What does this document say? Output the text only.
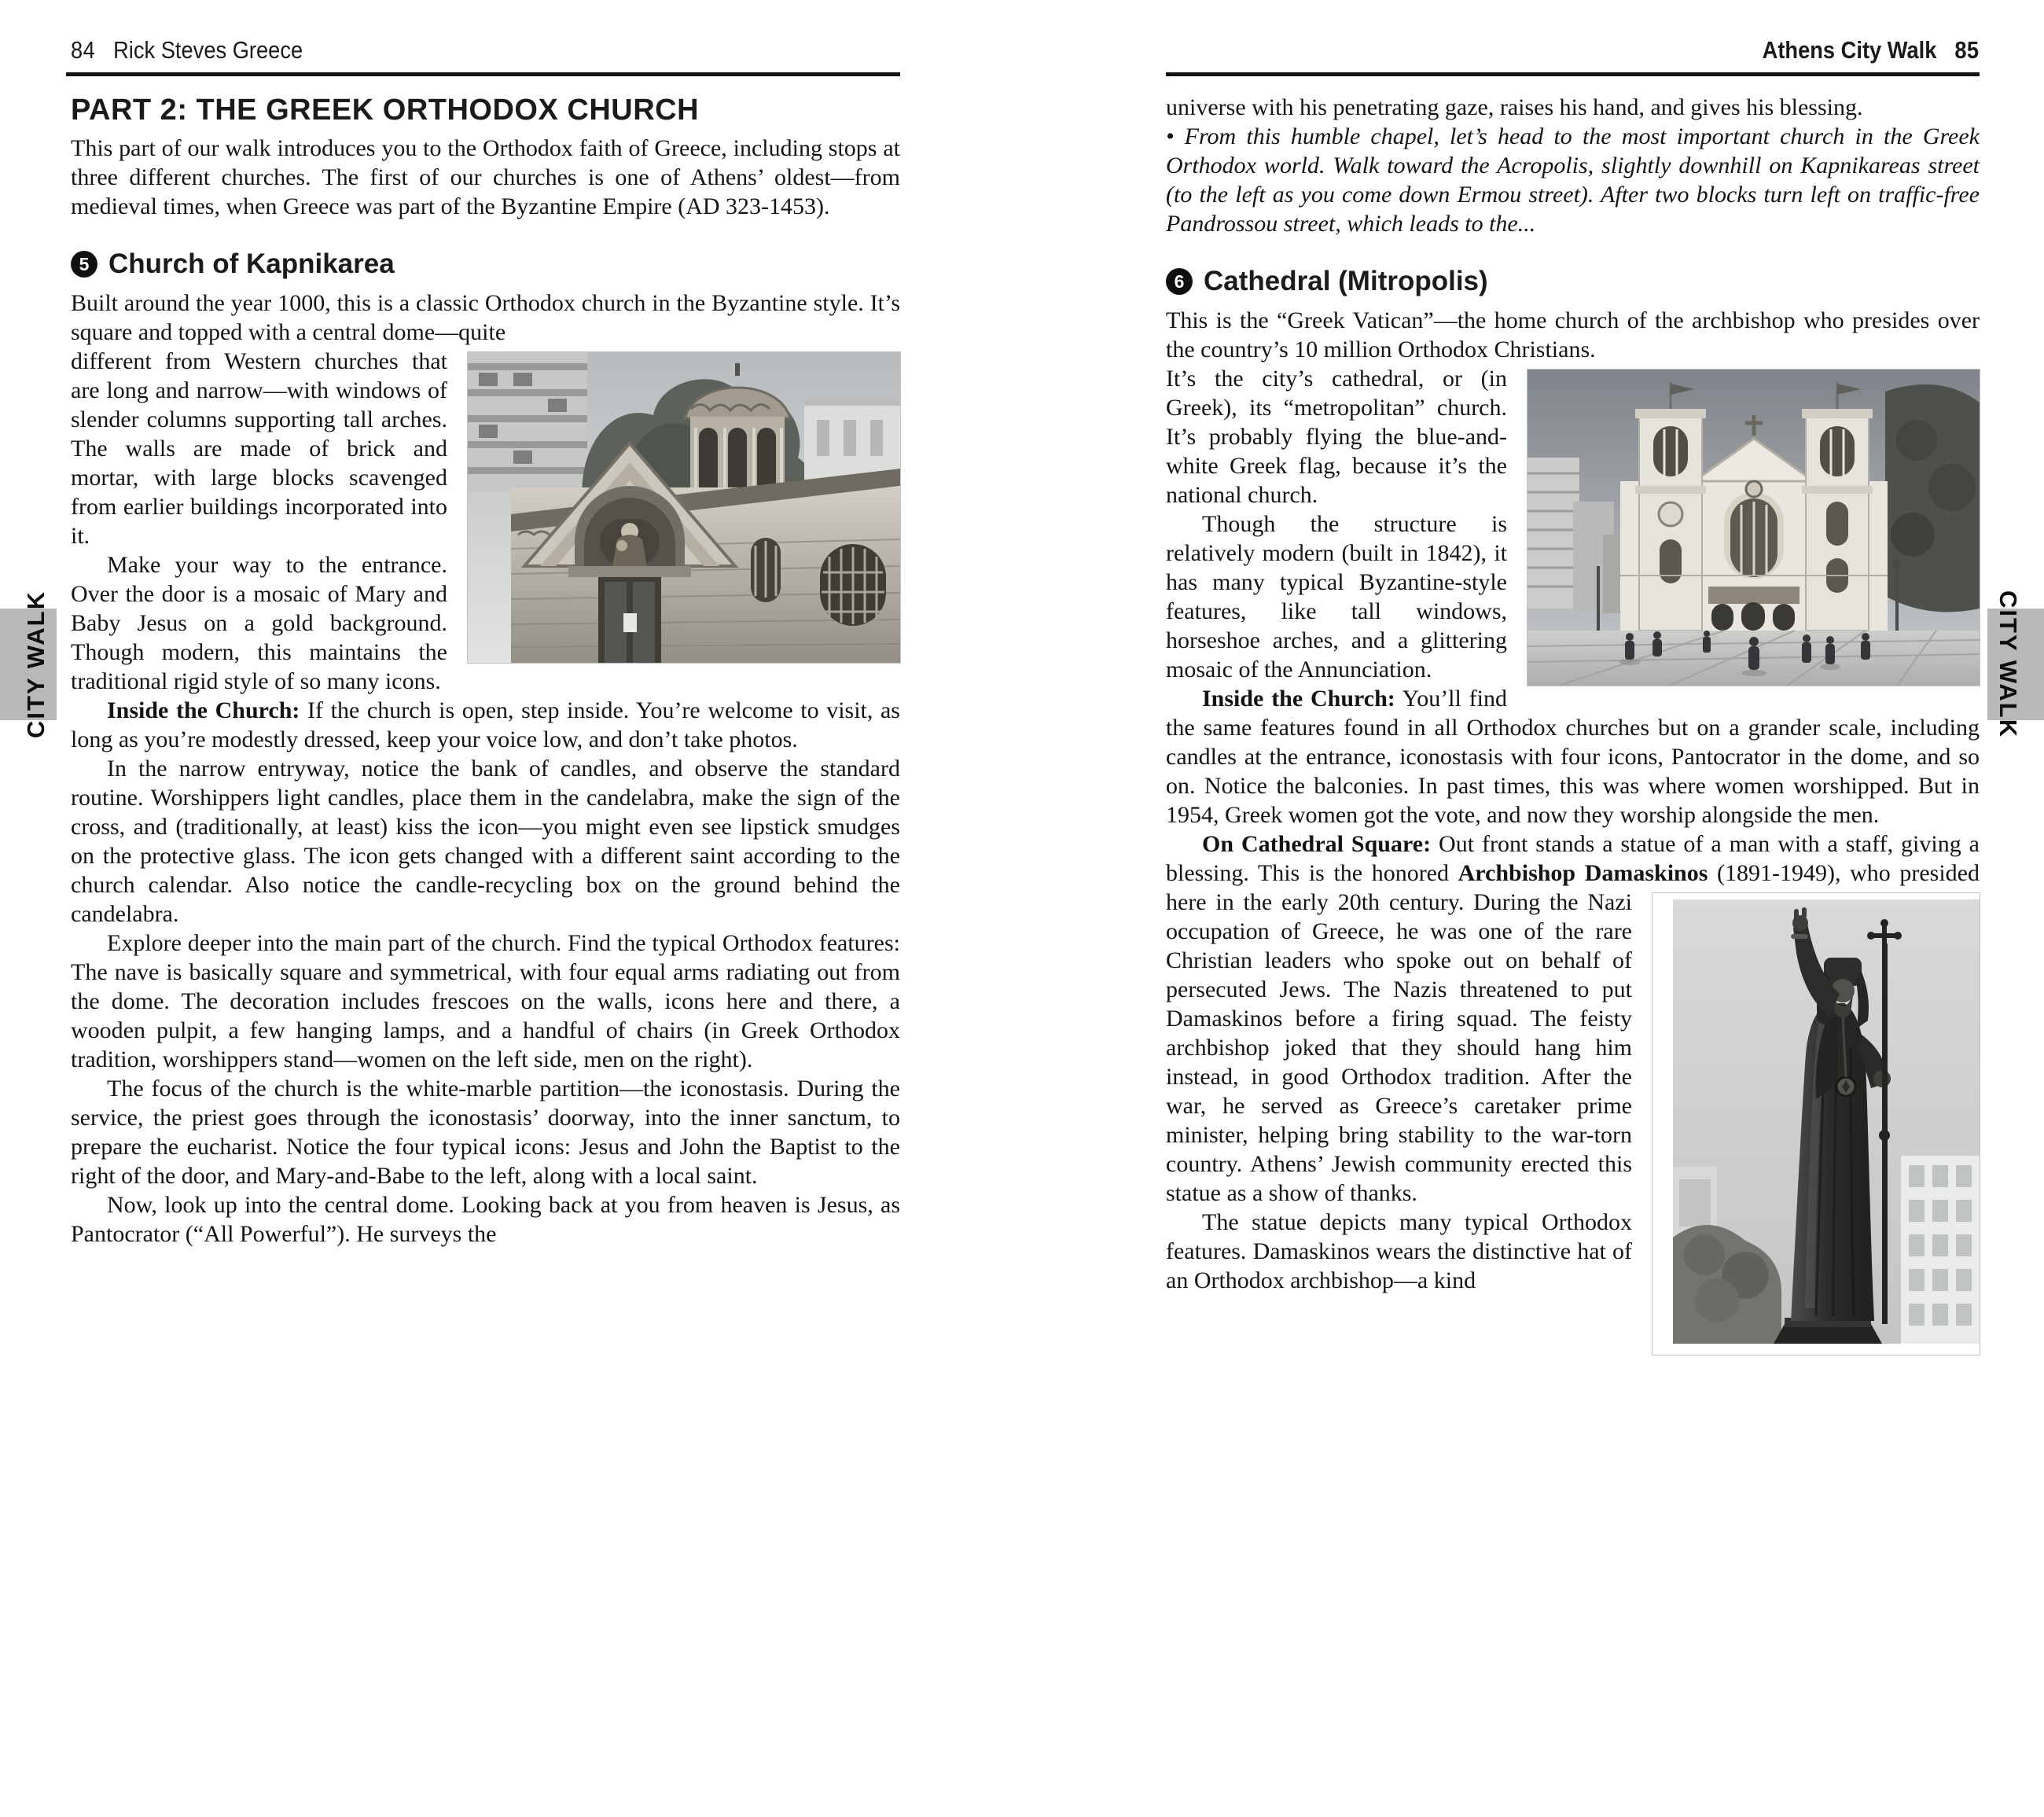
84 Rick Steves Greece	Athens City Walk 85
PART 2: THE GREEK ORTHODOX CHURCH

This part of our walk introduces you to the Orthodox faith of Greece, including stops at three different churches. The first of our churches is one of Athens’ oldest—from medieval times, when Greece was part of the Byzantine Empire (AD 323-1453).

5 Church of Kapnikarea

Built around the year 1000, this is a classic Orthodox church in the Byzantine style. It’s square and topped with a central dome—quite

different from Western churches that are long and narrow—with windows of slender columns supporting tall arches. The walls are made of brick and mortar, with large blocks scavenged from earlier buildings incorporated into it.

Make your way to the entrance. Over the door is a mosaic of Mary and Baby Jesus on a gold background. Though modern, this maintains the traditional rigid style of so many icons.

Inside the Church: If the church is open, step inside. You’re welcome to visit, as long as you’re modestly dressed, keep your voice low, and don’t take photos.

In the narrow entryway, notice the bank of candles, and observe the standard routine. Worshippers light candles, place them in the candelabra, make the sign of the cross, and (traditionally, at least) kiss the icon—you might even see lipstick smudges on the protective glass. The icon gets changed with a different saint according to the church calendar. Also notice the candle-recycling box on the ground behind the candelabra.

Explore deeper into the main part of the church. Find the typical Orthodox features: The nave is basically square and symmetrical, with four equal arms radiating out from the dome. The decoration includes frescoes on the walls, icons here and there, a wooden pulpit, a few hanging lamps, and a handful of chairs (in Greek Orthodox tradition, worshippers stand—women on the left side, men on the right).

The focus of the church is the white-marble partition—the iconostasis. During the service, the priest goes through the iconostasis’ doorway, into the inner sanctum, to prepare the eucharist. Notice the four typical icons: Jesus and John the Baptist to the right of the door, and Mary-and-Babe to the left, along with a local saint.

Now, look up into the central dome. Looking back at you from heaven is Jesus, as Pantocrator (“All Powerful”). He surveys the

universe with his penetrating gaze, raises his hand, and gives his blessing.

• From this humble chapel, let’s head to the most important church in the Greek Orthodox world. Walk toward the Acropolis, slightly downhill on Kapnikareas street (to the left as you come down Ermou street). After two blocks turn left on traffic-free Pandrossou street, which leads to the...

6 Cathedral (Mitropolis)

This is the “Greek Vatican”—the home church of the archbishop who presides over the country’s 10 million Orthodox Christians.

It’s the city’s cathedral, or (in Greek), its “metropolitan” church. It’s probably flying the blue-and-white Greek flag, because it’s the national church.

Though the structure is relatively modern (built in 1842), it has many typical Byzantine-style features, like tall windows, horseshoe arches, and a glittering mosaic of the Annunciation.

Inside the Church: You’ll find the same features found in all Orthodox churches but on a grander scale, including candles at the entrance, iconostasis with four icons, Pantocrator in the dome, and so on. Notice the balconies. In past times, this was where women worshipped. But in 1954, Greek women got the vote, and now they worship alongside the men.

On Cathedral Square: Out front stands a statue of a man with a staff, giving a blessing. This is the honored Archbishop Damaskinos
(1891-1949), who presided here in the early 20th century. During the Nazi occupation of Greece, he was one of the rare Christian leaders who spoke out on behalf of persecuted Jews. The Nazis threatened to put Damaskinos before a firing squad. The feisty archbishop joked that they should hang him instead, in good Orthodox tradition. After the war, he served as Greece’s caretaker prime minister, helping bring stability to the war-torn country. Athens’ Jewish community erected this statue as a show of thanks.

The statue depicts many typical Orthodox features. Damaskinos wears the distinctive hat of an Orthodox archbishop—a kind

CITY WALK	CITY WALK
